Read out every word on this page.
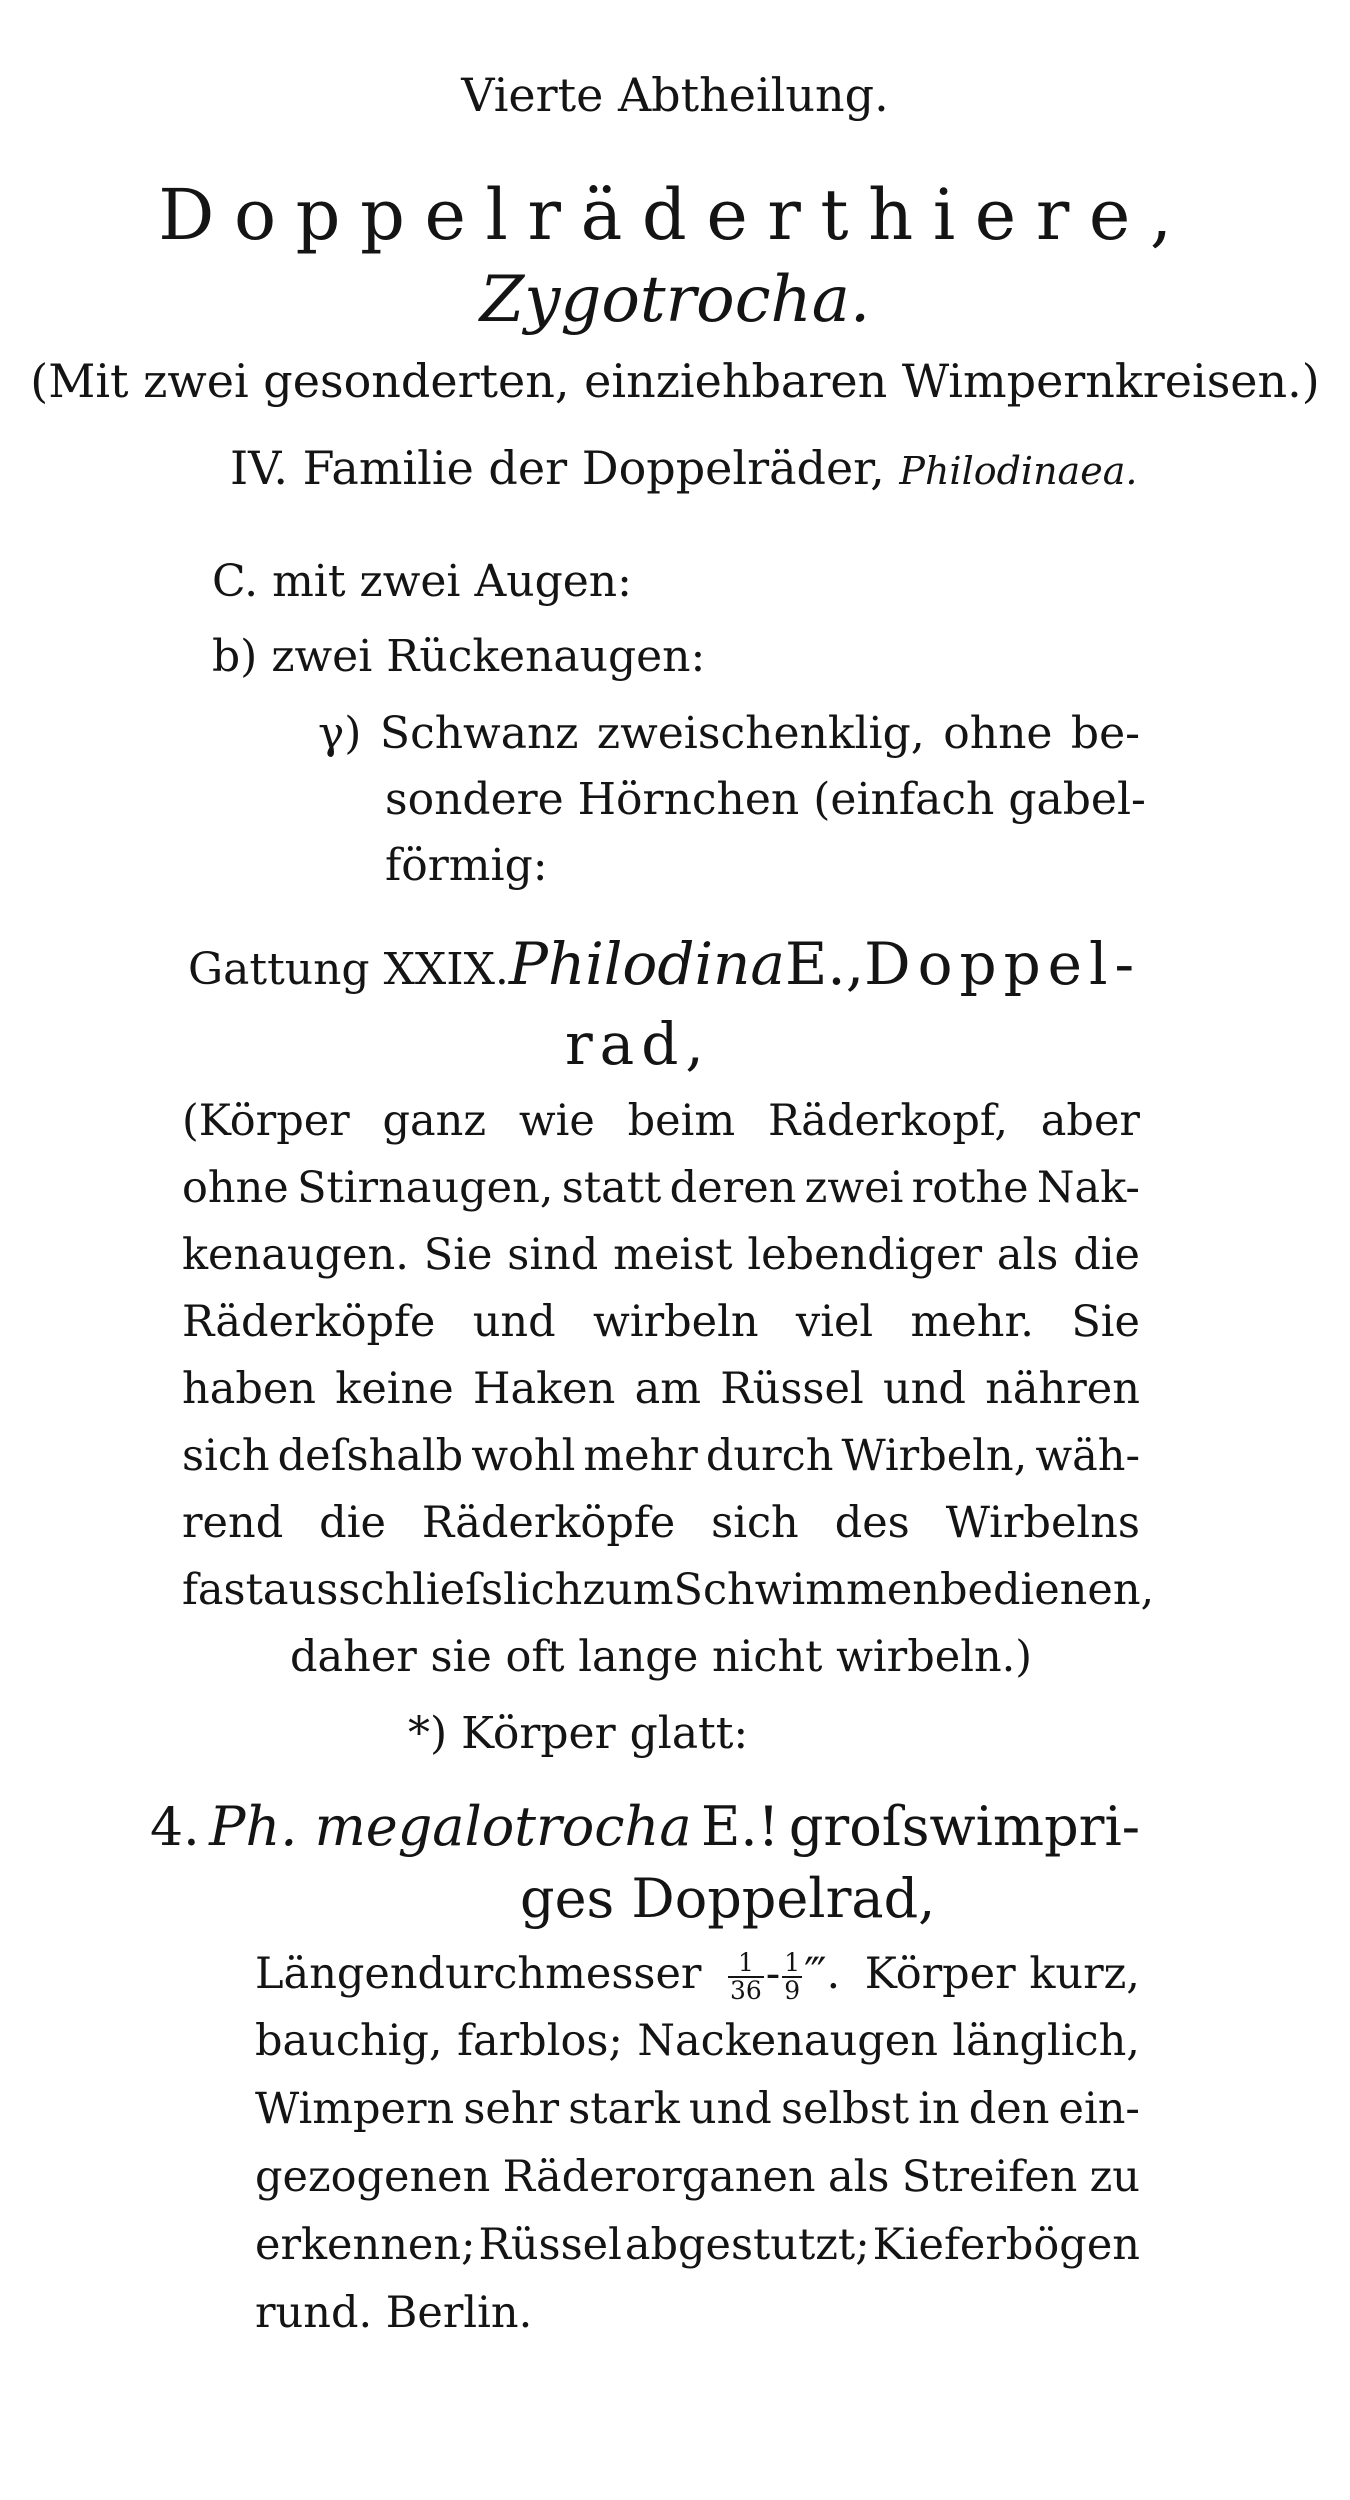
Vierte Abtheilung.
Doppelräderthiere,
Zygotrocha.
(Mit zwei gesonderten, einziehbaren Wimpernkreisen.)
IV. Familie der Doppelräder, Philodinaea.
C. mit zwei Augen:
b) zwei Rückenaugen:
γ) Schwanz zweischenklig, ohne be-
sondere Hörnchen (einfach gabel-
förmig:
Gattung XXIX. Philodina E., Doppel-
rad,
(Körper ganz wie beim Räderkopf, aber
ohne Stirnaugen, statt deren zwei rothe Nak-
kenaugen. Sie sind meist lebendiger als die
Räderköpfe und wirbeln viel mehr. Sie
haben keine Haken am Rüssel und nähren
sich deſshalb wohl mehr durch Wirbeln, wäh-
rend die Räderköpfe sich des Wirbelns
fast ausschlieſslich zum Schwimmen bedienen,
daher sie oft lange nicht wirbeln.)
*) Körper glatt:
4. Ph. megalotrocha E.! groſswimpri-
ges Doppelrad,
Längendurchmesser $\frac{1}{36} - \frac{1}{9}$ ‴. Körper kurz,
bauchig, farblos; Nackenaugen länglich,
Wimpern sehr stark und selbst in den ein-
gezogenen Räderorganen als Streifen zu
erkennen; Rüssel abgestutzt; Kieferbögen
rund. Berlin.
